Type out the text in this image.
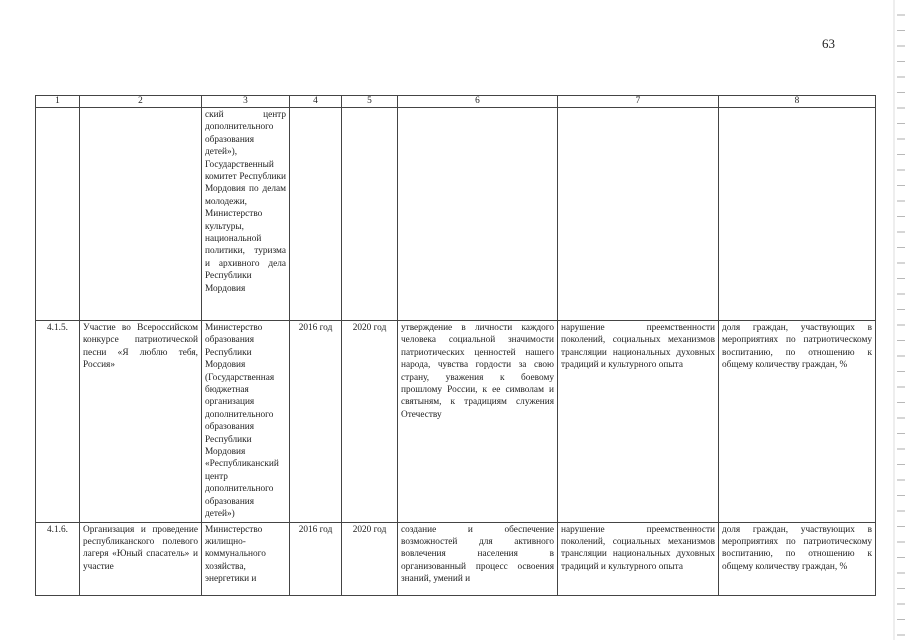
63
1	2	3	4	5	6	7	8
		ский центр дополнительного образования детей»), Государственный комитет Республики Мордовия по делам молодежи, Министерство культуры, национальной политики, туризма и архивного дела Республики Мордовия					
4.1.5.	Участие во Всероссийском конкурсе патриотической песни «Я люблю тебя, Россия»	Министерство образования Республики Мордовия (Государственная бюджетная организация дополнительного образования Республики Мордовия «Республиканский центр дополнительного образования детей»)	2016 год	2020 год	утверждение в личности каждого человека социальной значимости патриотических ценностей нашего народа, чувства гордости за свою страну, уважения к боевому прошлому России, к ее символам и святыням, к традициям служения Отечеству	нарушение преемственности поколений, социальных механизмов трансляции национальных духовных традиций и культурного опыта	доля граждан, участвующих в мероприятиях по патриотическому воспитанию, по отношению к общему количеству граждан, %
4.1.6.	Организация и проведение республиканского полевого лагеря «Юный спасатель» и участие	Министерство жилищно-коммунального хозяйства, энергетики и	2016 год	2020 год	создание и обеспечение возможностей для активного вовлечения населения в организованный процесс освоения знаний, умений и	нарушение преемственности поколений, социальных механизмов трансляции национальных духовных традиций и культурного опыта	доля граждан, участвующих в мероприятиях по патриотическому воспитанию, по отношению к общему количеству граждан, %
